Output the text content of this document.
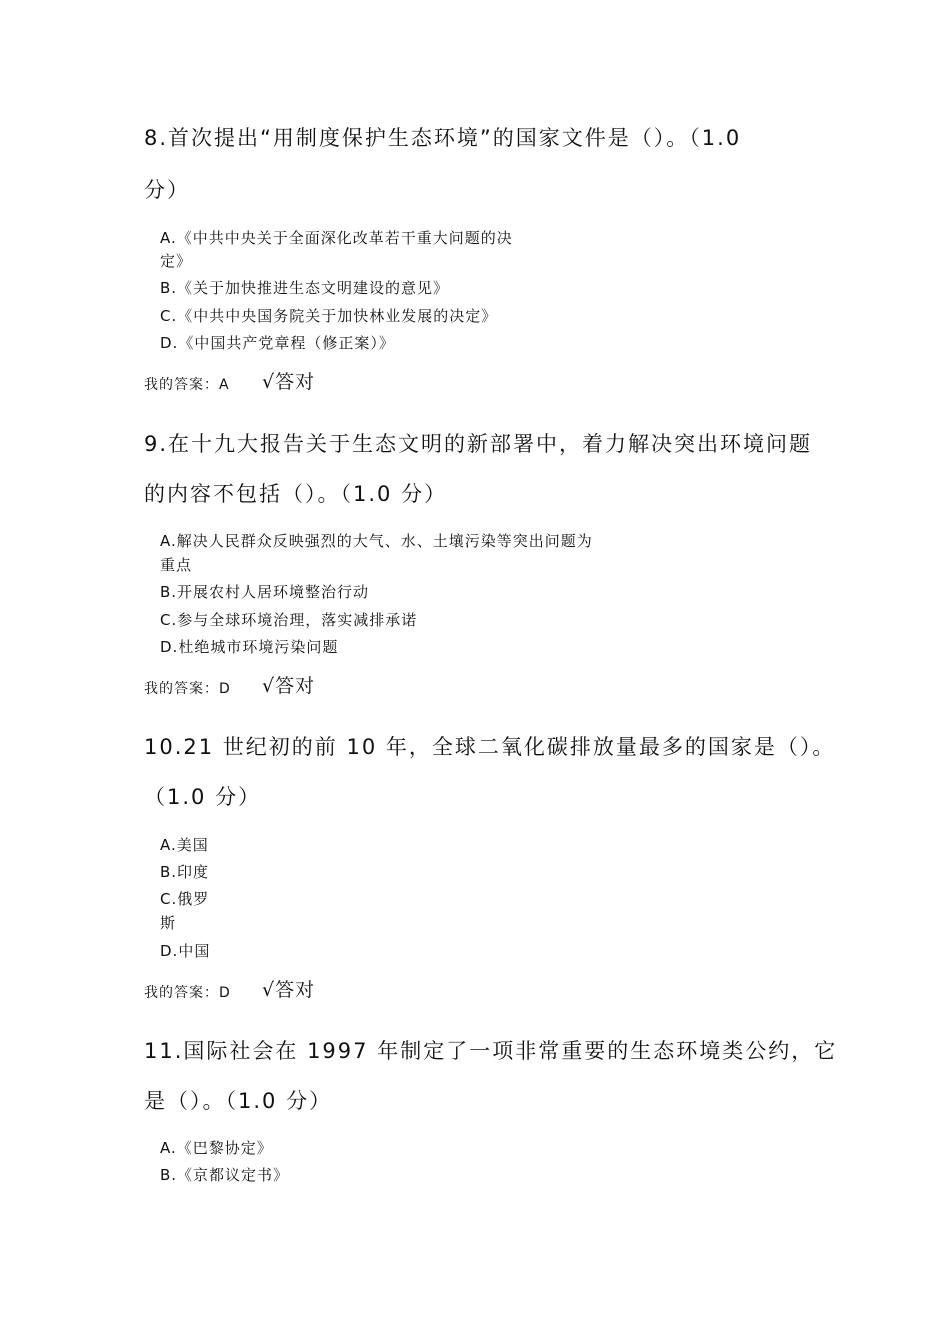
8.首次提出“用制度保护生态环境”的国家文件是（）。（1.0
分）
A.《中共中央关于全面深化改革若干重大问题的决
定》
B.《关于加快推进生态文明建设的意见》
C.《中共中央国务院关于加快林业发展的决定》
D.《中国共产党章程（修正案）》
我的答案：A √答对
9.在十九大报告关于生态文明的新部署中，着力解决突出环境问题
的内容不包括（）。（1.0 分）
A.解决人民群众反映强烈的大气、水、土壤污染等突出问题为
重点
B.开展农村人居环境整治行动
C.参与全球环境治理，落实减排承诺
D.杜绝城市环境污染问题
我的答案：D √答对
10.21 世纪初的前 10 年，全球二氧化碳排放量最多的国家是（）。
（1.0 分）
A.美国
B.印度
C.俄罗
斯
D.中国
我的答案：D √答对
11.国际社会在 1997 年制定了一项非常重要的生态环境类公约，它
是（）。（1.0 分）
A.《巴黎协定》
B.《京都议定书》
